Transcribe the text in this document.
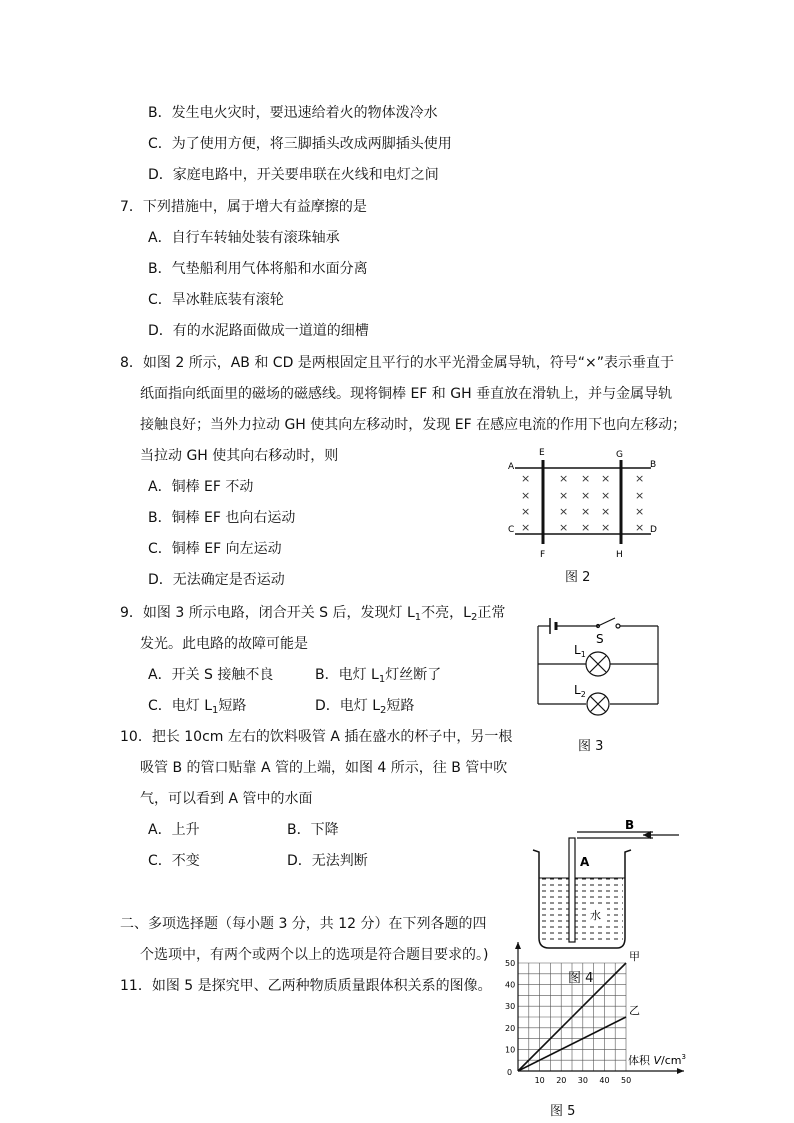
B．发生电火灾时，要迅速给着火的物体泼冷水
C．为了使用方便，将三脚插头改成两脚插头使用
D．家庭电路中，开关要串联在火线和电灯之间
7．下列措施中，属于增大有益摩擦的是
A．自行车转轴处装有滚珠轴承
B．气垫船利用气体将船和水面分离
C．旱冰鞋底装有滚轮
D．有的水泥路面做成一道道的细槽
8．如图 2 所示，AB 和 CD 是两根固定且平行的水平光滑金属导轨，符号“×”表示垂直于
纸面指向纸面里的磁场的磁感线。现将铜棒 EF 和 GH 垂直放在滑轨上，并与金属导轨
接触良好；当外力拉动 GH 使其向左移动时，发现 EF 在感应电流的作用下也向左移动；
当拉动 GH 使其向右移动时，则
A．铜棒 EF 不动
B．铜棒 EF 也向右运动
C．铜棒 EF 向左运动
D．无法确定是否运动
A
E	G
B
C
F	H
D
×	× × × ×
×	× × × ×
×	× × × ×
×	× × × ×
图 2
9．如图 3 所示电路，闭合开关 S 后，发现灯 $L_1$不亮，$L_2$正常
发光。此电路的故障可能是
A．开关 S 接触不良	B．电灯 $L_1$灯丝断了
C．电灯 $L_1$短路	D．电灯 $L_2$短路
S
$L_1$
$L_2$
图 3
10．把长 10cm 左右的饮料吸管 A 插在盛水的杯子中，另一根
吸管 B 的管口贴靠 A 管的上端，如图 4 所示，往 B 管中吹
气，可以看到 A 管中的水面
A．上升	B．下降
C．不变	D．无法判断	A
B
水
二、多项选择题（每小题 3 分，共 12 分）在下列各题的四
个选项中，有两个或两个以上的选项是符合题目要求的。)
11．如图 5 是探究甲、乙两种物质质量跟体积关系的图像。
10 20 30 40 50
10
20
30
40
50
0
甲
乙
体积 $V/cm^3$
图 4
图 5
